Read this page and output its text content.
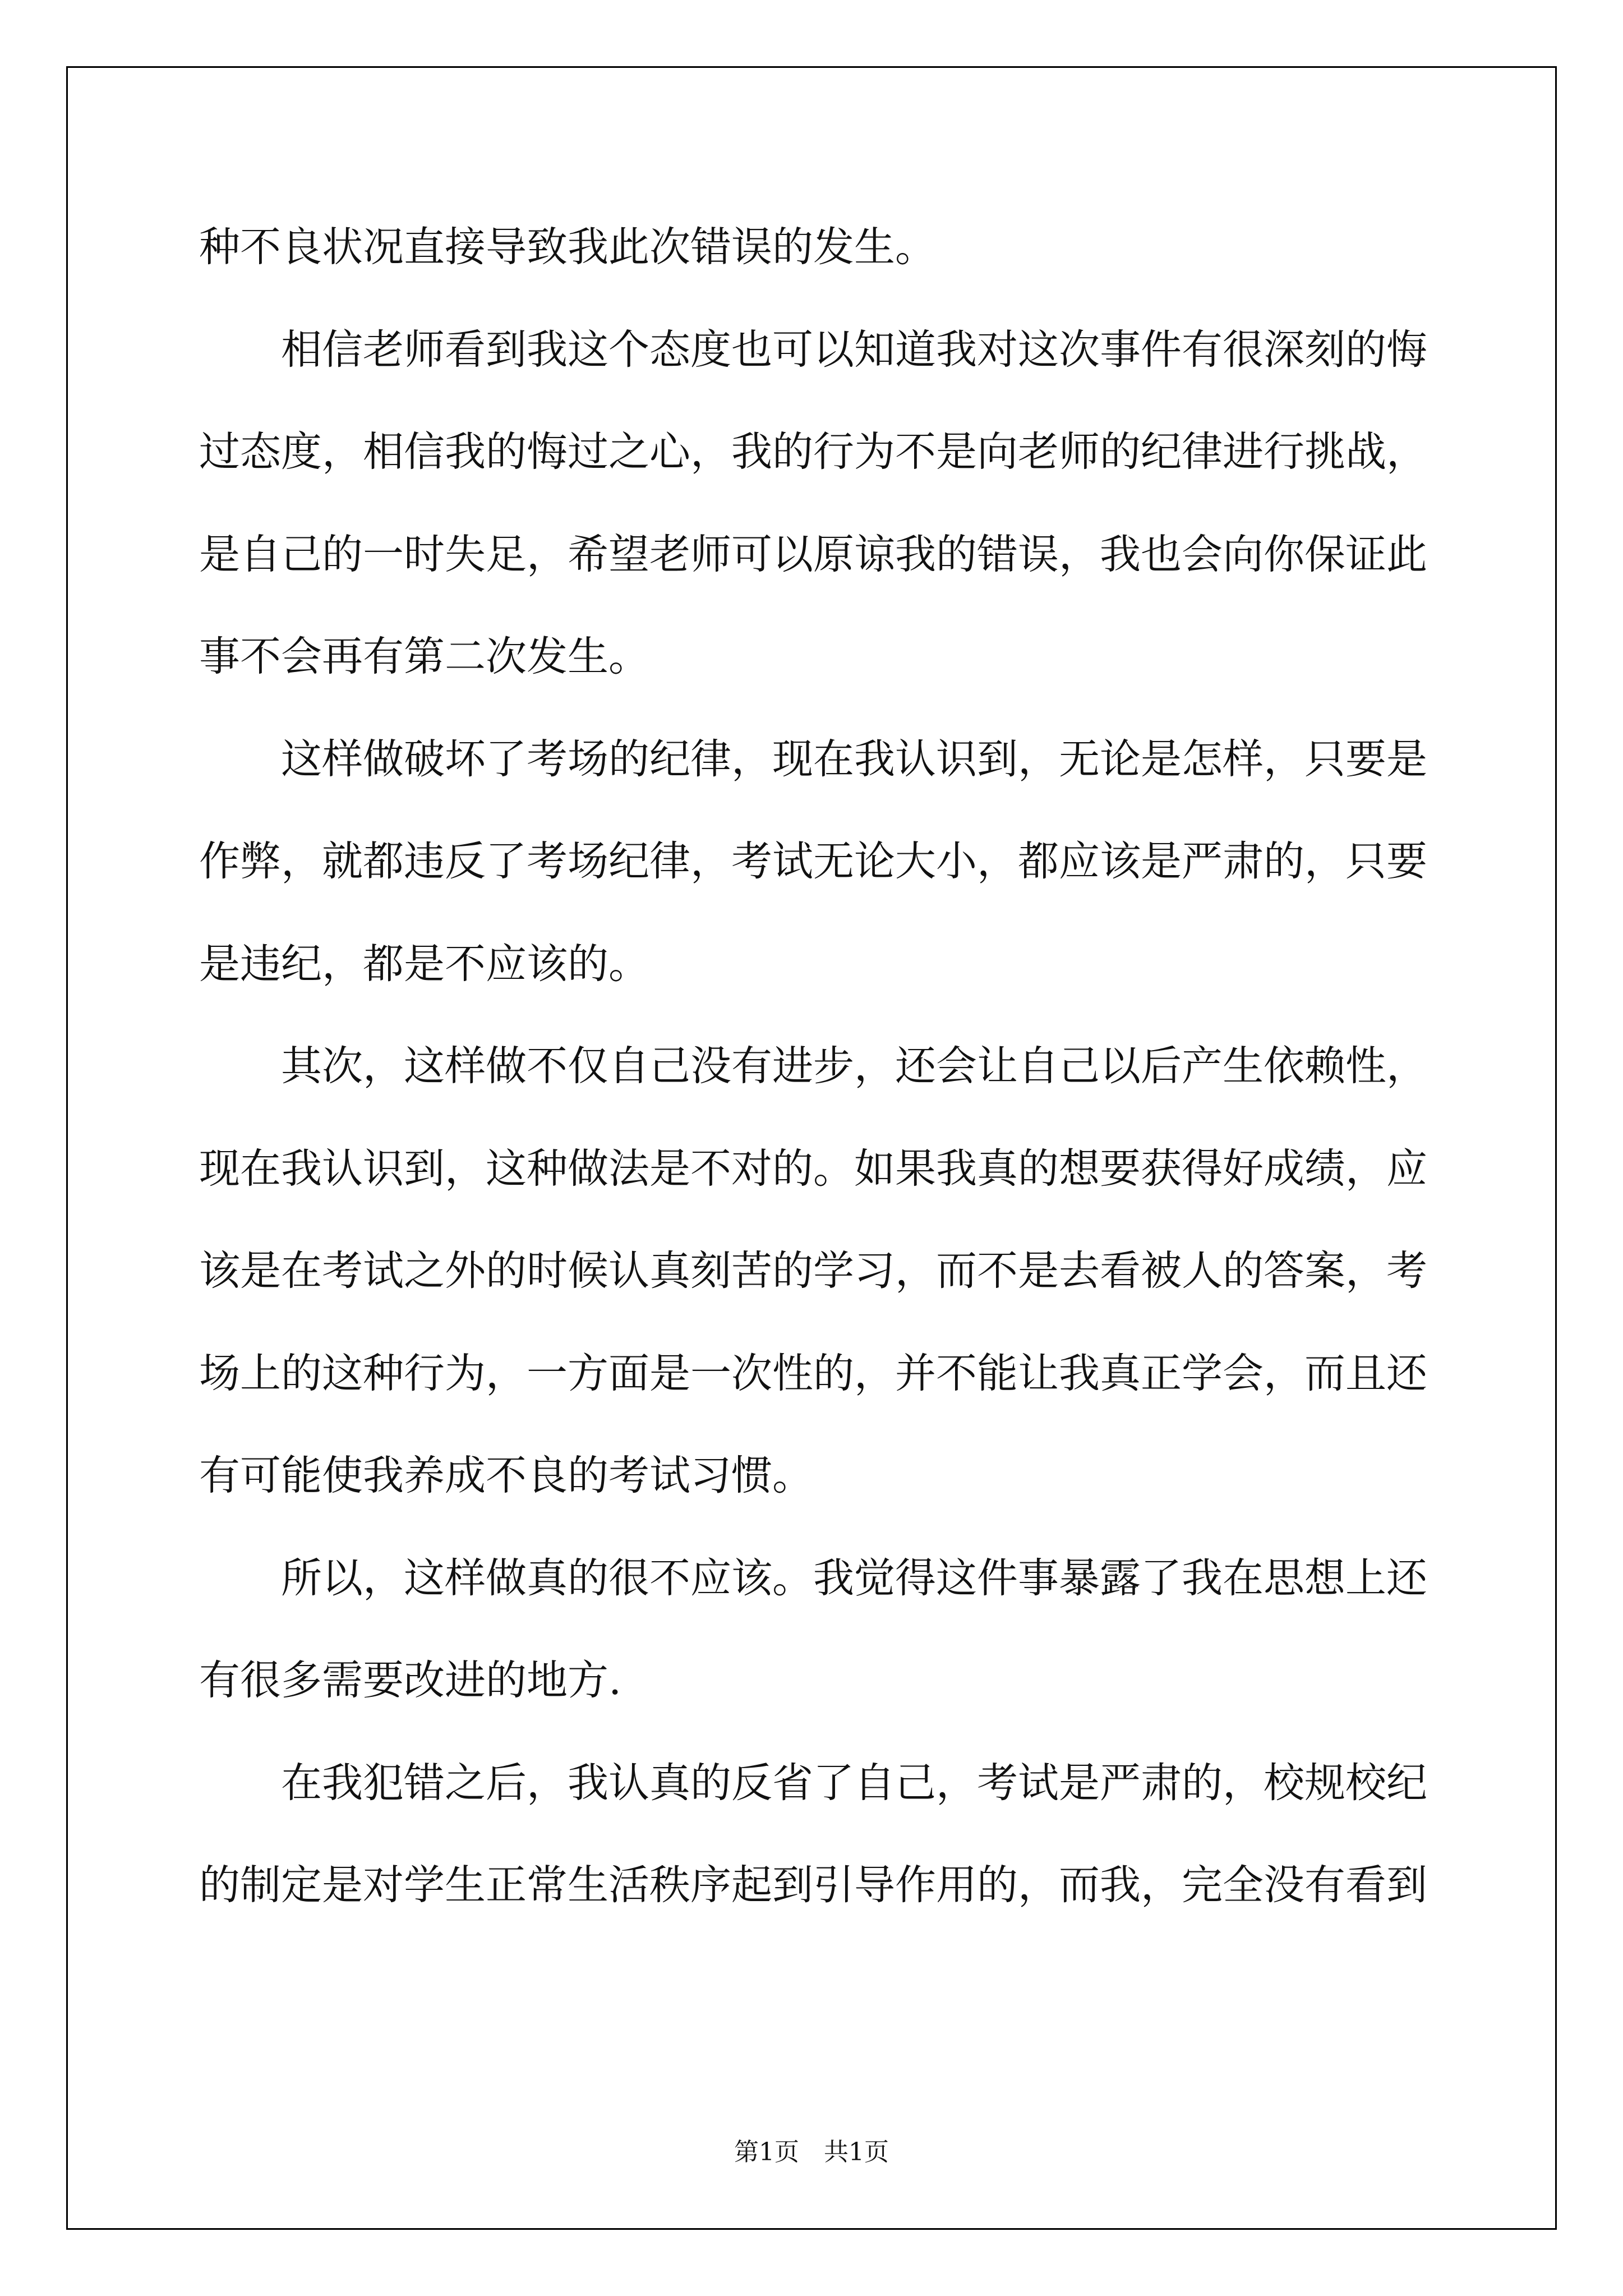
种不良状况直接导致我此次错误的发生。

相信老师看到我这个态度也可以知道我对这次事件有很深刻的悔过态度，相信我的悔过之心，我的行为不是向老师的纪律进行挑战，是自己的一时失足，希望老师可以原谅我的错误，我也会向你保证此事不会再有第二次发生。

这样做破坏了考场的纪律，现在我认识到，无论是怎样，只要是作弊，就都违反了考场纪律，考试无论大小，都应该是严肃的，只要是违纪，都是不应该的。

其次，这样做不仅自己没有进步，还会让自己以后产生依赖性，现在我认识到，这种做法是不对的。如果我真的想要获得好成绩，应该是在考试之外的时候认真刻苦的学习，而不是去看被人的答案，考场上的这种行为，一方面是一次性的，并不能让我真正学会，而且还有可能使我养成不良的考试习惯。

所以，这样做真的很不应该。我觉得这件事暴露了我在思想上还有很多需要改进的地方.

在我犯错之后，我认真的反省了自己，考试是严肃的，校规校纪的制定是对学生正常生活秩序起到引导作用的，而我，完全没有看到

第1页　共1页
